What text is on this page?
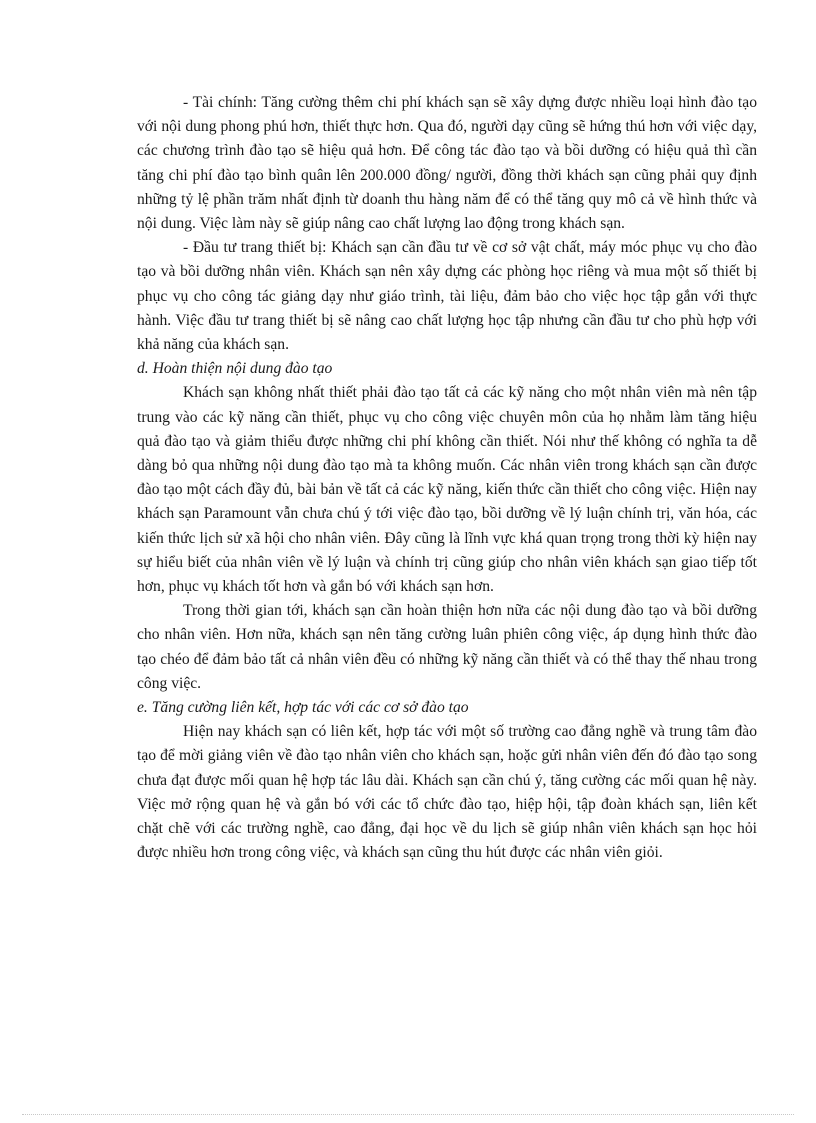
- Tài chính: Tăng cường thêm chi phí khách sạn sẽ xây dựng được nhiều loại hình đào tạo với nội dung phong phú hơn, thiết thực hơn. Qua đó, người dạy cũng sẽ hứng thú hơn với việc dạy, các chương trình đào tạo sẽ hiệu quả hơn. Để công tác đào tạo và bồi dưỡng có hiệu quả thì cần tăng chi phí đào tạo bình quân lên 200.000 đồng/ người, đồng thời khách sạn cũng phải quy định những tỷ lệ phần trăm nhất định từ doanh thu hàng năm để có thể tăng quy mô cả về hình thức và nội dung. Việc làm này sẽ giúp nâng cao chất lượng lao động trong khách sạn.

- Đầu tư trang thiết bị: Khách sạn cần đầu tư về cơ sở vật chất, máy móc phục vụ cho đào tạo và bồi dưỡng nhân viên. Khách sạn nên xây dựng các phòng học riêng và mua một số thiết bị phục vụ cho công tác giảng dạy như giáo trình, tài liệu, đảm bảo cho việc học tập gắn với thực hành. Việc đầu tư trang thiết bị sẽ nâng cao chất lượng học tập nhưng cần đầu tư cho phù hợp với khả năng của khách sạn.

d. Hoàn thiện nội dung đào tạo

Khách sạn không nhất thiết phải đào tạo tất cả các kỹ năng cho một nhân viên mà nên tập trung vào các kỹ năng cần thiết, phục vụ cho công việc chuyên môn của họ nhằm làm tăng hiệu quả đào tạo và giảm thiểu được những chi phí không cần thiết. Nói như thế không có nghĩa ta dễ dàng bỏ qua những nội dung đào tạo mà ta không muốn. Các nhân viên trong khách sạn cần được đào tạo một cách đầy đủ, bài bản về tất cả các kỹ năng, kiến thức cần thiết cho công việc. Hiện nay khách sạn Paramount vẫn chưa chú ý tới việc đào tạo, bồi dưỡng về lý luận chính trị, văn hóa, các kiến thức lịch sử xã hội cho nhân viên. Đây cũng là lĩnh vực khá quan trọng trong thời kỳ hiện nay sự hiểu biết của nhân viên về lý luận và chính trị cũng giúp cho nhân viên khách sạn giao tiếp tốt hơn, phục vụ khách tốt hơn và gắn bó với khách sạn hơn.

Trong thời gian tới, khách sạn cần hoàn thiện hơn nữa các nội dung đào tạo và bồi dưỡng cho nhân viên. Hơn nữa, khách sạn nên tăng cường luân phiên công việc, áp dụng hình thức đào tạo chéo để đảm bảo tất cả nhân viên đều có những kỹ năng cần thiết và có thể thay thế nhau trong công việc.

e. Tăng cường liên kết, hợp tác với các cơ sở đào tạo

Hiện nay khách sạn có liên kết, hợp tác với một số trường cao đẳng nghề và trung tâm đào tạo để mời giảng viên về đào tạo nhân viên cho khách sạn, hoặc gửi nhân viên đến đó đào tạo song chưa đạt được mối quan hệ hợp tác lâu dài. Khách sạn cần chú ý, tăng cường các mối quan hệ này. Việc mở rộng quan hệ và gắn bó với các tổ chức đào tạo, hiệp hội, tập đoàn khách sạn, liên kết chặt chẽ với các trường nghề, cao đẳng, đại học về du lịch sẽ giúp nhân viên khách sạn học hỏi được nhiều hơn trong công việc, và khách sạn cũng thu hút được các nhân viên giỏi.
